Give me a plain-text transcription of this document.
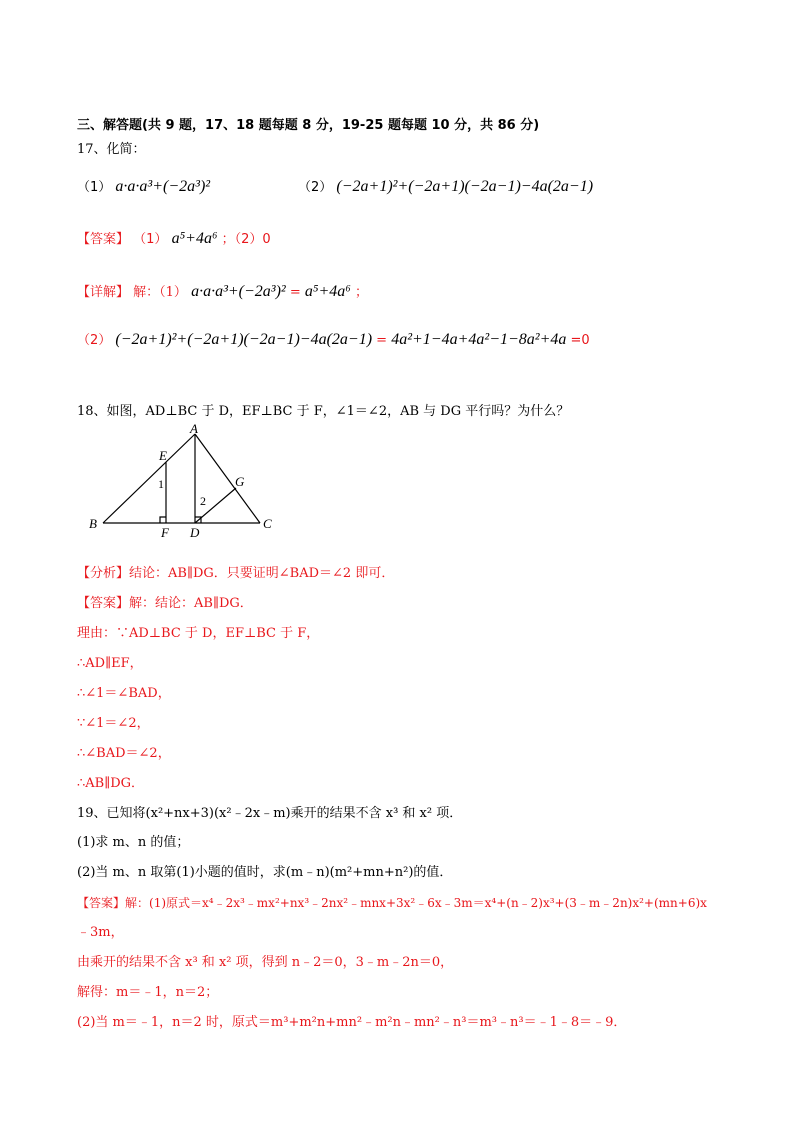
三、解答题(共 9 题，17、18 题每题 8 分，19-25 题每题 10 分，共 86 分)
17、化简：
（1） a·a·a³+(−2a³)²	（2） (−2a+1)²+(−2a+1)(−2a−1)−4a(2a−1)
【答案】 （1） a⁵+4a⁶ ；（2）0
【详解】 解：（1） a·a·a³+(−2a³)² = a⁵+4a⁶ ；
（2） (−2a+1)²+(−2a+1)(−2a−1)−4a(2a−1) = 4a²+1−4a+4a²−1−8a²+4a =0
18、如图，AD⊥BC 于 D，EF⊥BC 于 F，∠1＝∠2，AB 与 DG 平行吗？为什么？
A
B	C
D
E
F
G
1
2
【分析】结论：AB∥DG．只要证明∠BAD＝∠2 即可．
【答案】解：结论：AB∥DG．
理由：∵AD⊥BC 于 D，EF⊥BC 于 F，
∴AD∥EF，
∴∠1＝∠BAD，
∵∠1＝∠2，
∴∠BAD＝∠2，
∴AB∥DG．
19、已知将(x²+nx+3)(x²﹣2x﹣m)乘开的结果不含 x³ 和 x² 项．
(1)求 m、n 的值；
(2)当 m、n 取第(1)小题的值时，求(m﹣n)(m²+mn+n²)的值．
【答案】解：(1)原式＝x⁴﹣2x³﹣mx²+nx³﹣2nx²﹣mnx+3x²﹣6x﹣3m＝x⁴+(n﹣2)x³+(3﹣m﹣2n)x²+(mn+6)x
﹣3m，
由乘开的结果不含 x³ 和 x² 项，得到 n﹣2＝0，3﹣m﹣2n＝0，
解得：m＝﹣1，n＝2；
(2)当 m＝﹣1，n＝2 时，原式＝m³+m²n+mn²﹣m²n﹣mn²﹣n³＝m³﹣n³＝﹣1﹣8＝﹣9．
